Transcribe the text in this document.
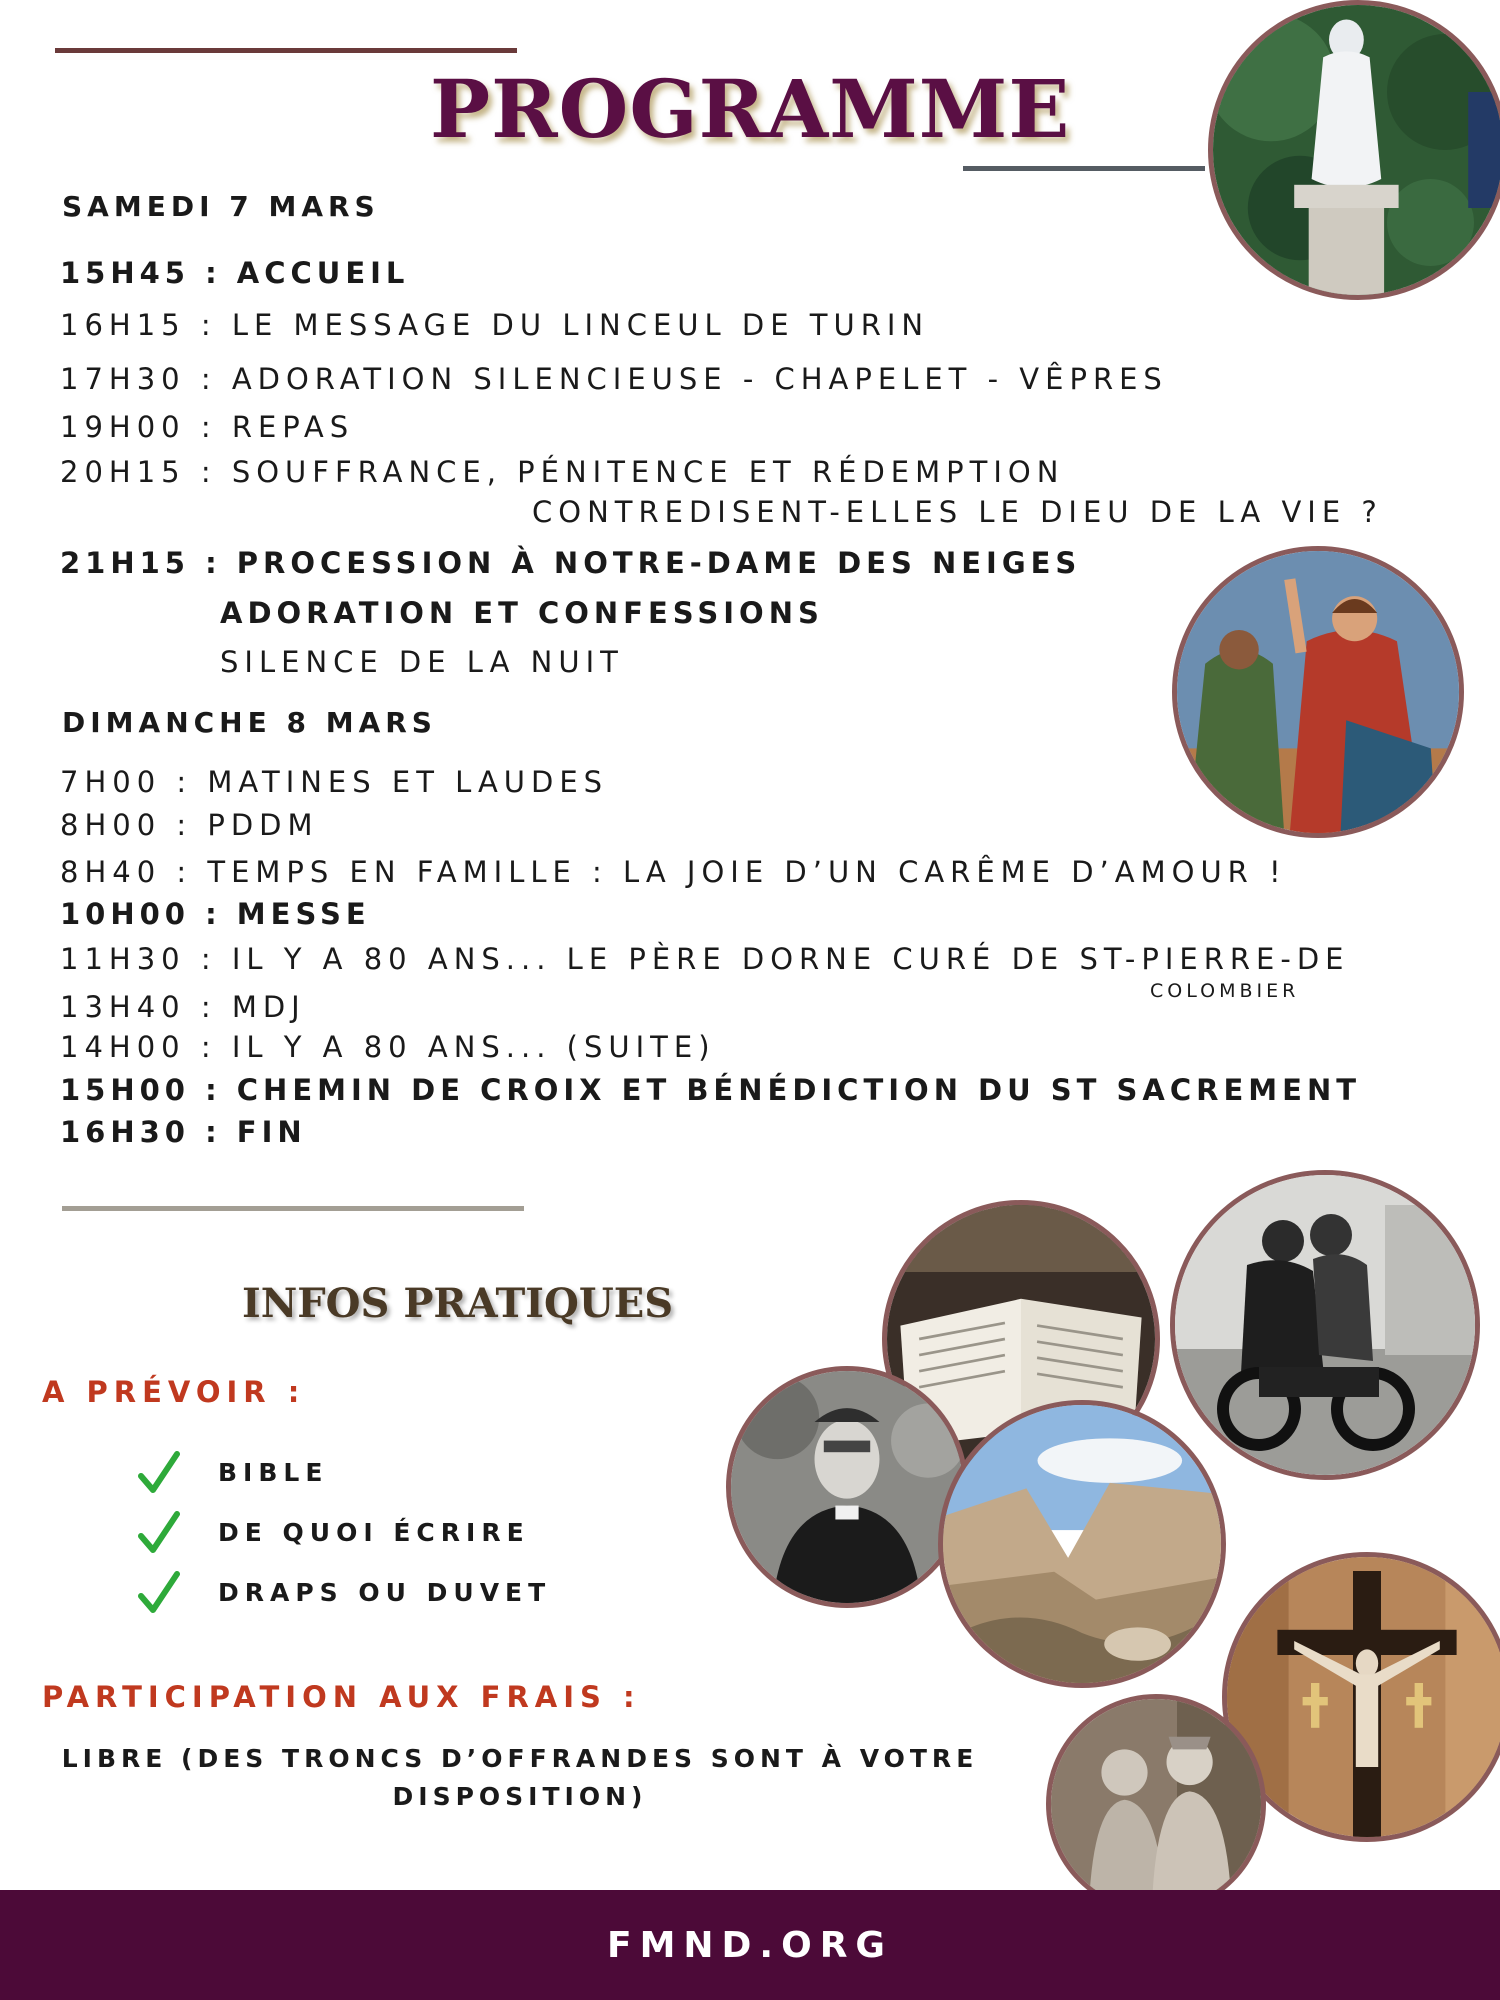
PROGRAMME
SAMEDI 7 MARS

15H45 : ACCUEIL

16H15 : LE MESSAGE DU LINCEUL DE TURIN

17H30 : ADORATION SILENCIEUSE - CHAPELET - VÊPRES

19H00 : REPAS

20H15 : SOUFFRANCE, PÉNITENCE ET RÉDEMPTION

CONTREDISENT-ELLES LE DIEU DE LA VIE ?

21H15 : PROCESSION À NOTRE-DAME DES NEIGES

ADORATION ET CONFESSIONS

SILENCE DE LA NUIT

DIMANCHE 8 MARS

7H00 : MATINES ET LAUDES

8H00 : PDDM

8H40 : TEMPS EN FAMILLE : LA JOIE D’UN CARÊME D’AMOUR !

10H00 : MESSE

11H30 : IL Y A 80 ANS... LE PÈRE DORNE CURÉ DE ST-PIERRE-DE

COLOMBIER

13H40 : MDJ

14H00 : IL Y A 80 ANS... (SUITE)

15H00 : CHEMIN DE CROIX ET BÉNÉDICTION DU ST SACREMENT

16H30 : FIN

INFOS PRATIQUES
A PRÉVOIR :
BIBLE
DE QUOI ÉCRIRE
DRAPS OU DUVET
PARTICIPATION AUX FRAIS :

LIBRE (DES TRONCS D’OFFRANDES SONT À VOTRE DISPOSITION)

FMND.ORG
